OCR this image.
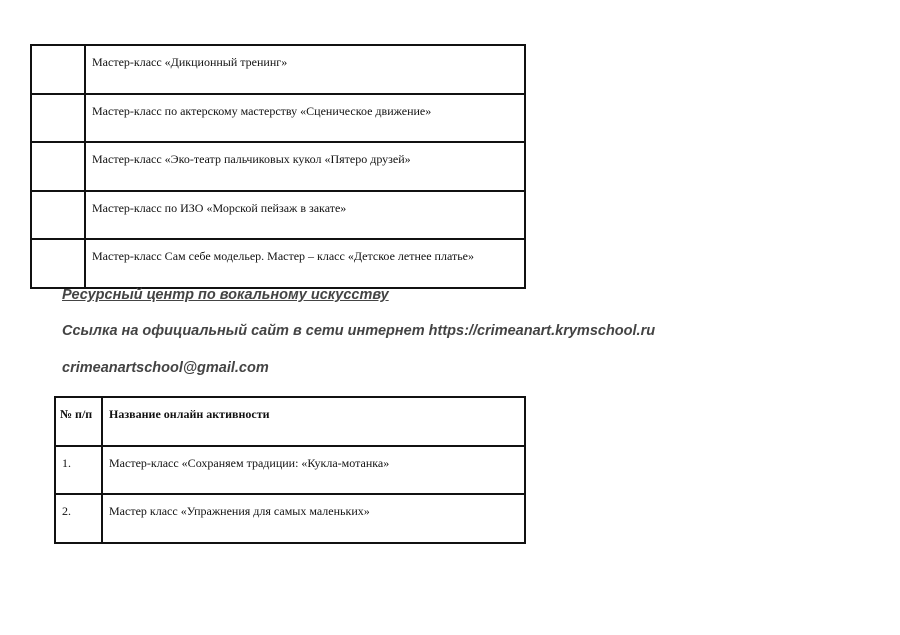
	Мастер-класс «Дикционный тренинг»
	Мастер-класс по актерскому мастерству «Сценическое движение»
	Мастер-класс «Эко-театр пальчиковых кукол «Пятеро друзей»
	Мастер-класс по ИЗО «Морской пейзаж в закате»
	Мастер-класс Сам себе модельер. Мастер – класс «Детское летнее платье»
Ресурсный центр по вокальному искусству
Ссылка на официальный сайт в сети интернет https://crimeanart.krymschool.ru
crimeanartschool@gmail.com
№ п/п	Название онлайн активности
1.	Мастер-класс «Сохраняем традиции: «Кукла-мотанка»
2.	Мастер класс «Упражнения для самых маленьких»
